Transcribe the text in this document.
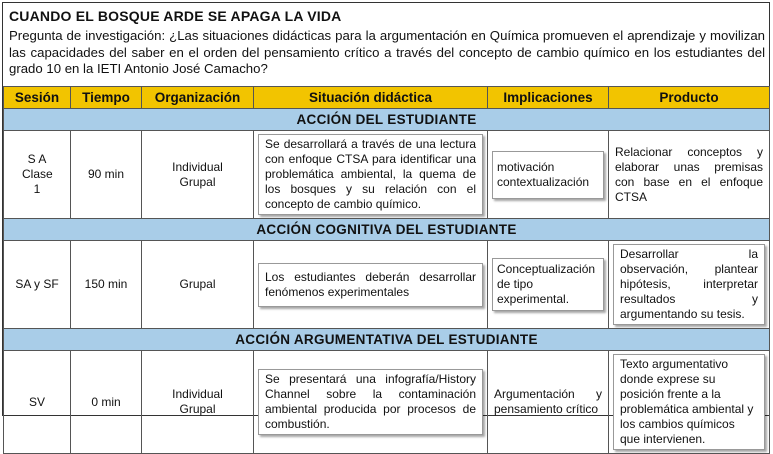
CUANDO EL BOSQUE ARDE SE APAGA LA VIDA
Pregunta de investigación: ¿Las situaciones didácticas para la argumentación en Química promueven el aprendizaje y movilizan las capacidades del saber en el orden del pensamiento crítico a través del concepto de cambio químico en los estudiantes del grado 10 en la IETI Antonio José Camacho?
Sesión	Tiempo	Organización	Situación didáctica	Implicaciones	Producto
ACCIÓN DEL ESTUDIANTE					

S A Clase 1	90 min	Individual Grupal	Se desarrollará a través de una lectura con enfoque CTSA para identificar una problemática ambiental, la quema de los bosques y su relación con el concepto de cambio químico.	motivación contextualización	Relacionar conceptos y elaborar unas premisas con base en el enfoque CTSA

ACCIÓN COGNITIVA DEL ESTUDIANTE					
SA y SF	150 min	Grupal	Los estudiantes deberán desarrollar fenómenos experimentales	Conceptualización de tipo experimental.	Desarrollar la observación, plantear hipótesis, interpretar resultados y argumentando su tesis.

ACCIÓN ARGUMENTATIVA DEL ESTUDIANTE					
SV	0 min	Individual Grupal	Se presentará una infografía/History Channel sobre la contaminación ambiental producida por procesos de combustión.	Argumentación y pensamiento crítico	Texto argumentativo donde exprese su posición frente a la problemática ambiental y los cambios químicos que intervienen.
